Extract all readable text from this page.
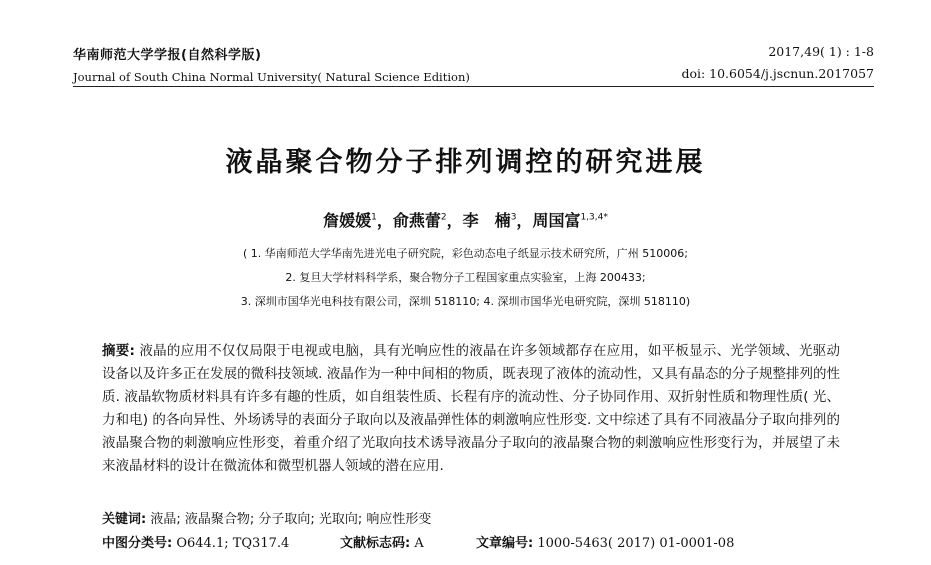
华南师范大学学报(自然科学版)
Journal of South China Normal University( Natural Science Edition)
2017,49( 1) : 1-8
doi: 10.6054/j.jscnun.2017057
液晶聚合物分子排列调控的研究进展
詹媛媛$^1$，俞燕蕾$^2$，李　楠$^3$，周国富$^{1,3,4*}$
( 1. 华南师范大学华南先进光电子研究院，彩色动态电子纸显示技术研究所，广州 510006;
2. 复旦大学材料科学系，聚合物分子工程国家重点实验室，上海 200433;
3. 深圳市国华光电科技有限公司，深圳 518110; 4. 深圳市国华光电研究院，深圳 518110)
摘要: 液晶的应用不仅仅局限于电视或电脑，具有光响应性的液晶在许多领域都存在应用，如平板显示、光学领域、光驱动设备以及许多正在发展的微科技领域. 液晶作为一种中间相的物质，既表现了液体的流动性，又具有晶态的分子规整排列的性质. 液晶软物质材料具有许多有趣的性质，如自组装性质、长程有序的流动性、分子协同作用、双折射性质和物理性质( 光、力和电) 的各向异性、外场诱导的表面分子取向以及液晶弹性体的刺激响应性形变. 文中综述了具有不同液晶分子取向排列的液晶聚合物的刺激响应性形变，着重介绍了光取向技术诱导液晶分子取向的液晶聚合物的刺激响应性形变行为，并展望了未来液晶材料的设计在微流体和微型机器人领域的潜在应用.
关键词: 液晶; 液晶聚合物; 分子取向; 光取向; 响应性形变
中图分类号: O644.1; TQ317.4	文献标志码: A	文章编号: 1000-5463( 2017) 01-0001-08
